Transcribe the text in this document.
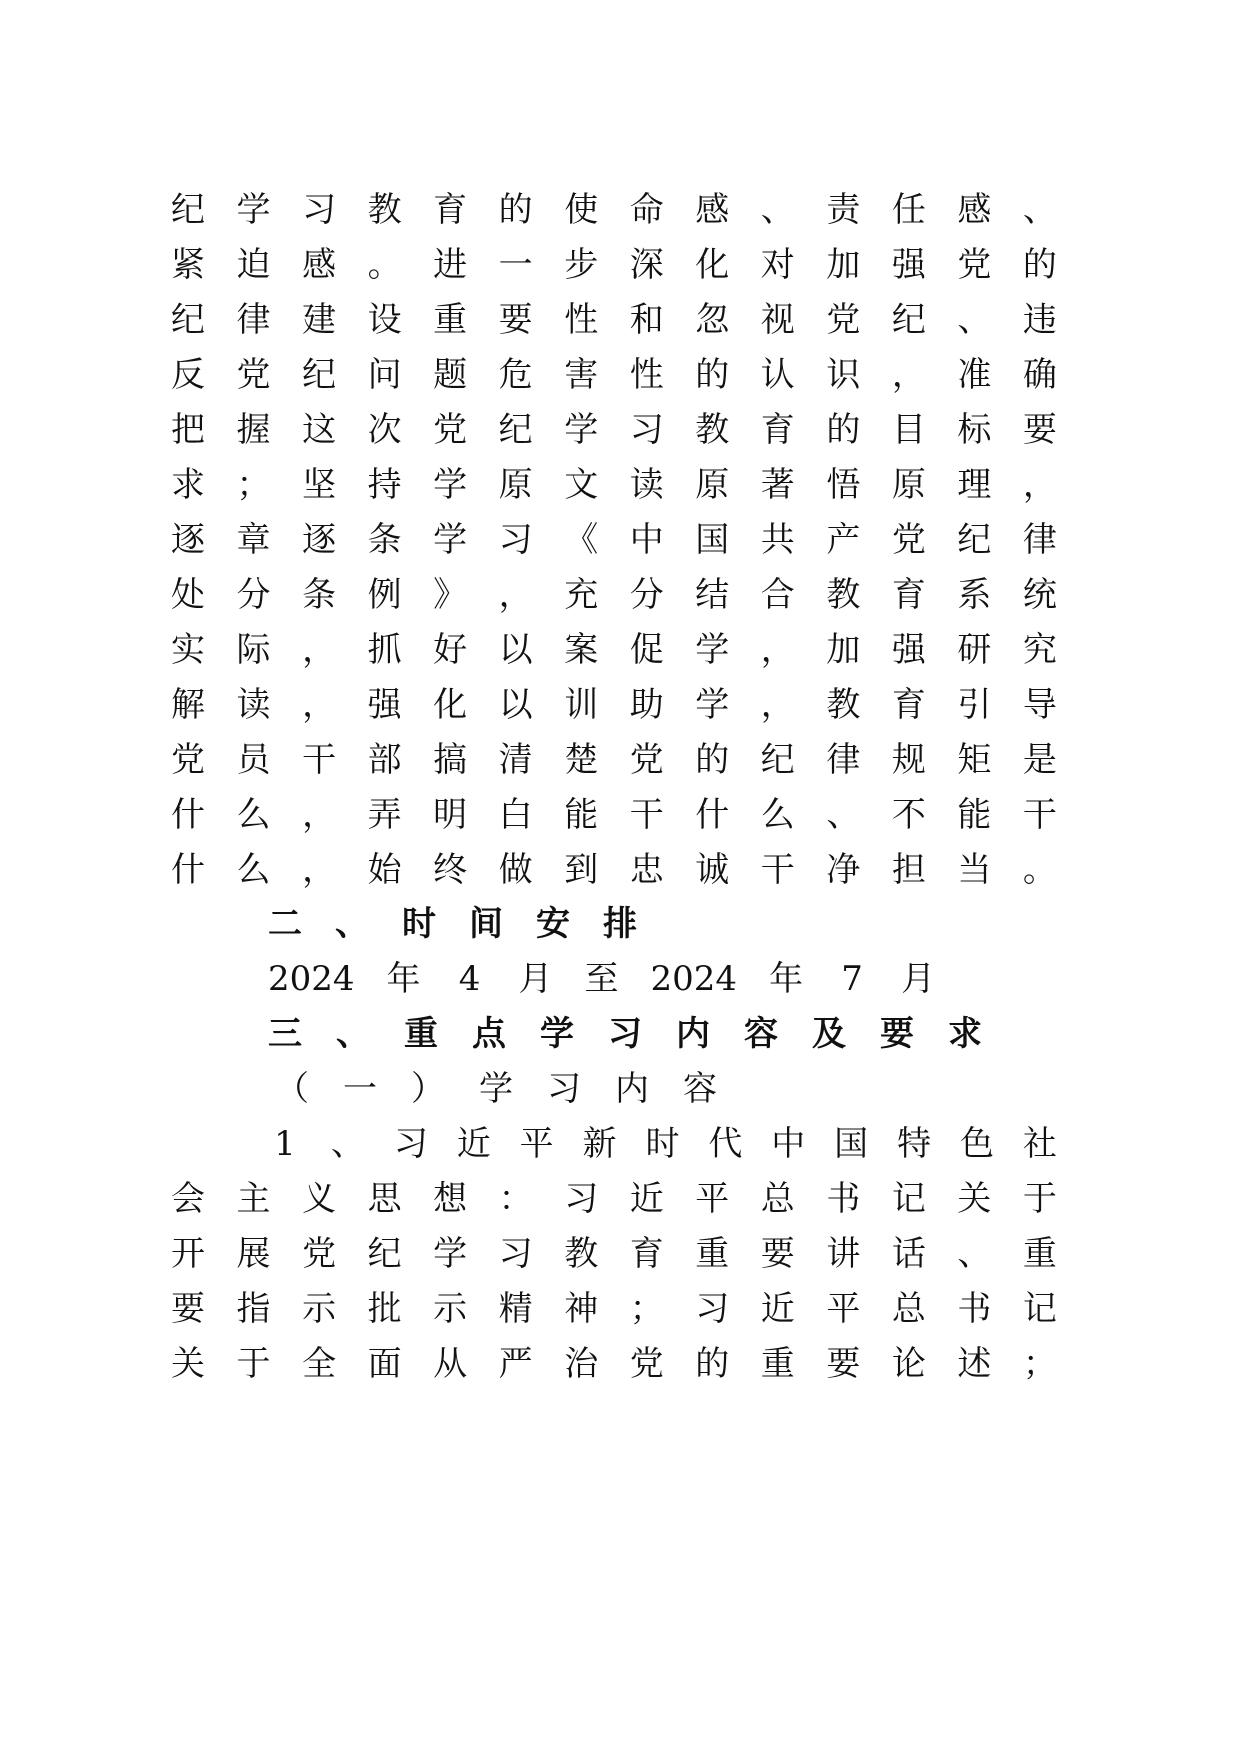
纪 学 习 教 育 的 使 命 感 、 责 任 感 、
紧 迫 感 。 进 一 步 深 化 对 加 强 党 的
纪 律 建 设 重 要 性 和 忽 视 党 纪 、 违
反 党 纪 问 题 危 害 性 的 认 识 ， 准 确
把 握 这 次 党 纪 学 习 教 育 的 目 标 要
求 ； 坚 持 学 原 文 读 原 著 悟 原 理 ，
逐 章 逐 条 学 习 《 中 国 共 产 党 纪 律
处 分 条 例 》 ， 充 分 结 合 教 育 系 统
实 际 ， 抓 好 以 案 促 学 ， 加 强 研 究
解 读 ， 强 化 以 训 助 学 ， 教 育 引 导
党 员 干 部 搞 清 楚 党 的 纪 律 规 矩 是
什 么 ， 弄 明 白 能 干 什 么 、 不 能 干
什 么 ， 始 终 做 到 忠 诚 干 净 担 当 。
二 、 时 间 安 排
2024 年 4 月 至 2024 年 7 月
三 、 重 点 学 习 内 容 及 要 求
（ 一 ） 学 习 内 容
1 、 习 近 平 新 时 代 中 国 特 色 社
会 主 义 思 想 ： 习 近 平 总 书 记 关 于
开 展 党 纪 学 习 教 育 重 要 讲 话 、 重
要 指 示 批 示 精 神 ； 习 近 平 总 书 记
关 于 全 面 从 严 治 党 的 重 要 论 述 ；
